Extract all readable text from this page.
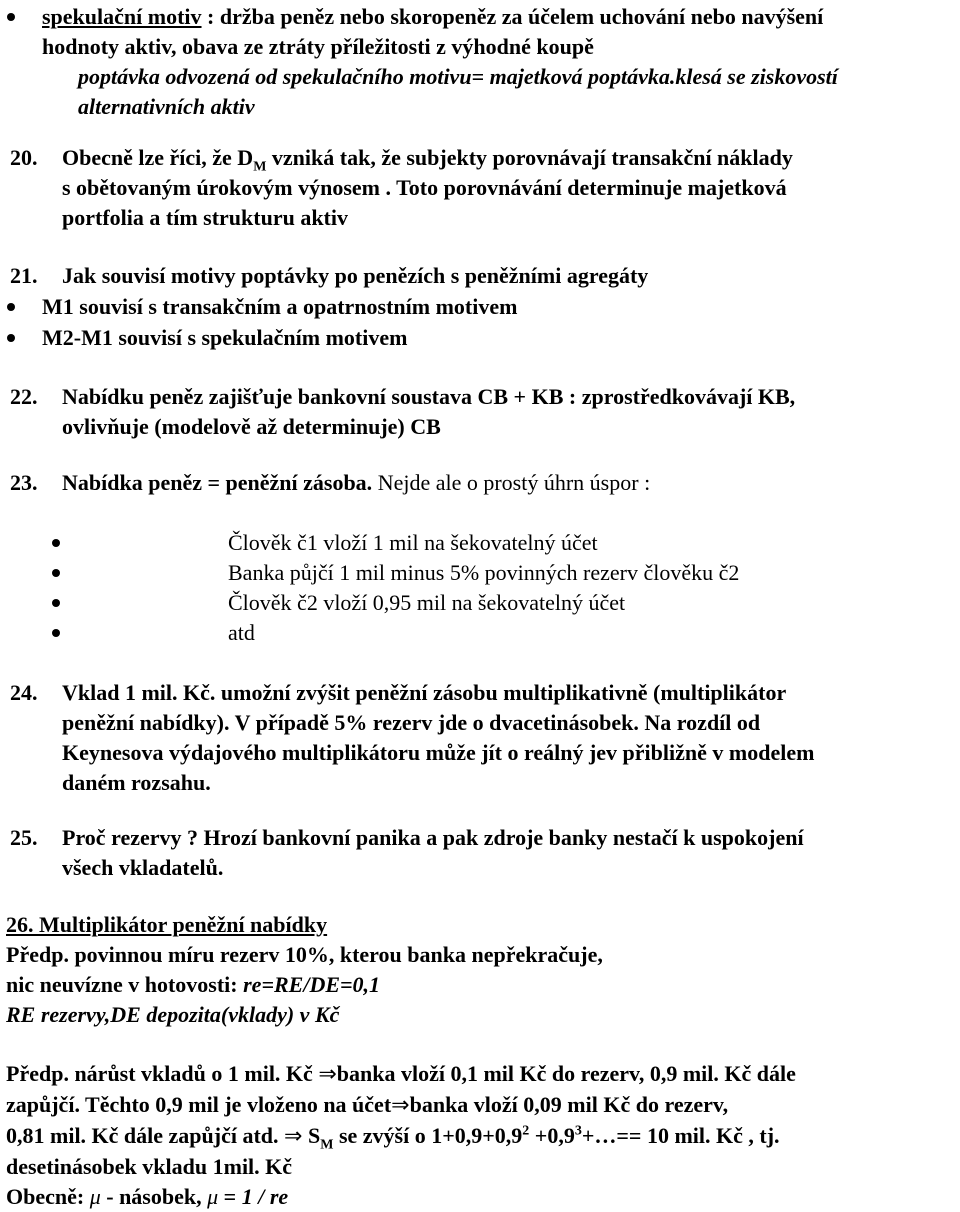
spekulační motiv : držba peněz nebo skoropeněz za účelem uchování nebo navýšení

hodnoty aktiv, obava ze ztráty příležitosti z výhodné koupě

poptávka odvozená od spekulačního motivu= majetková poptávka.klesá se ziskovostí

alternativních aktiv

20.	Obecně lze říci, že $D_M$ vzniká tak, že subjekty porovnávají transakční náklady

s obětovaným úrokovým výnosem . Toto porovnávání determinuje majetková

portfolia a tím strukturu aktiv

21.	Jak souvisí motivy poptávky po penězích s peněžními agregáty

M1 souvisí s transakčním a opatrnostním motivem

M2-M1 souvisí s spekulačním motivem

22.	Nabídku peněz zajišťuje bankovní soustava CB + KB : zprostředkovávají KB,

ovlivňuje (modelově až determinuje) CB

23.	Nabídka peněz = peněžní zásoba. Nejde ale o prostý úhrn úspor :

Člověk č1 vloží 1 mil na šekovatelný účet

Banka půjčí 1 mil minus 5% povinných rezerv člověku č2

Člověk č2 vloží 0,95 mil na šekovatelný účet

atd

24.	Vklad 1 mil. Kč. umožní zvýšit peněžní zásobu multiplikativně (multiplikátor

peněžní nabídky). V případě 5% rezerv jde o dvacetinásobek. Na rozdíl od

Keynesova výdajového multiplikátoru může jít o reálný jev přibližně v modelem

daném rozsahu.

25.	Proč rezervy ? Hrozí bankovní panika a pak zdroje banky nestačí k uspokojení

všech vkladatelů.

26. Multiplikátor peněžní nabídky

Předp. povinnou míru rezerv 10%, kterou banka nepřekračuje,

nic neuvízne v hotovosti: re=RE/DE=0,1

RE rezervy,DE depozita(vklady) v Kč

Předp. nárůst vkladů o 1 mil. Kč ⇒banka vloží 0,1 mil Kč do rezerv, 0,9 mil. Kč dále

zapůjčí. Těchto 0,9 mil je vloženo na účet⇒banka vloží 0,09 mil Kč do rezerv,

0,81 mil. Kč dále zapůjčí atd. ⇒ $S_M$ se zvýší o $1+0,9+0,9^2$ $+0,9^3+\dots== 10$ mil. Kč , tj.

desetinásobek vkladu 1mil. Kč

Obecně: μ - násobek, μ = 1 / re
